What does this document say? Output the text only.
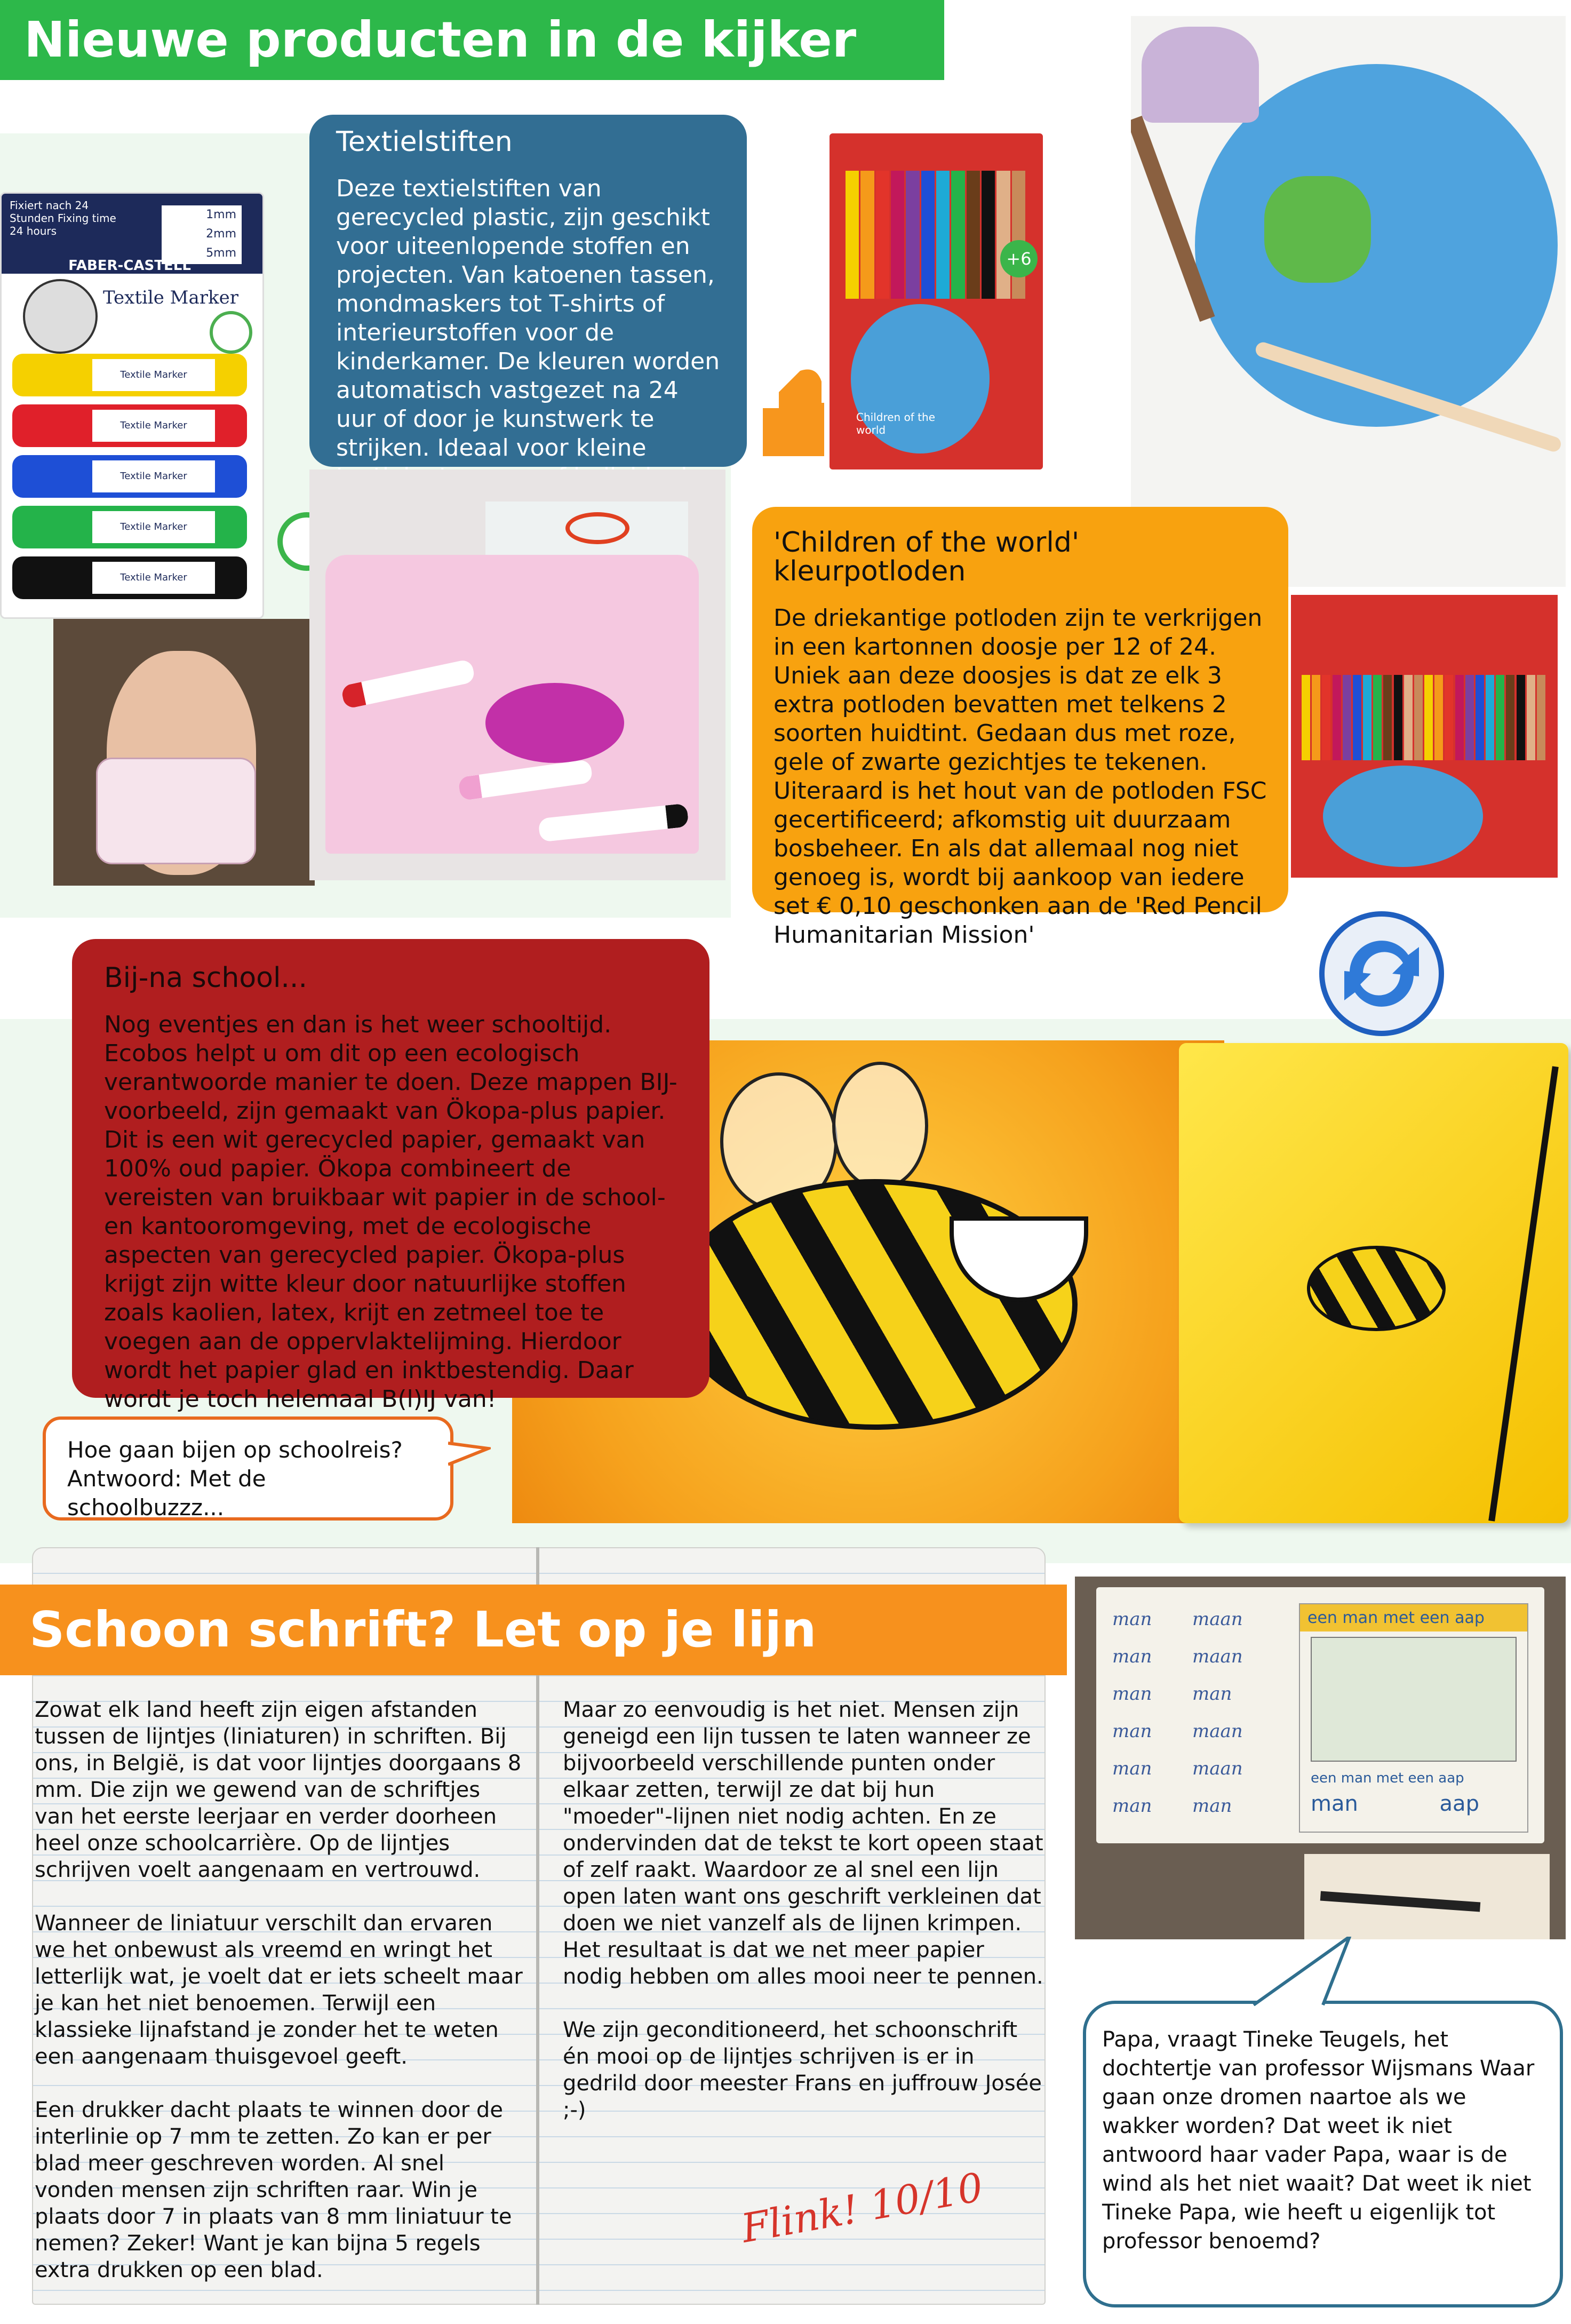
Nieuwe producten in de kijker
Fixiert nach 24 Stunden Fixing time 24 hours
1mm
2mm
5mm
FABER-CASTELL
Textile Marker
Textile Marker
Textile Marker
Textile Marker
Textile Marker
Textile Marker
Textielstiften
Deze textielstiften van gerecycled plastic, zijn geschikt voor uiteenlopende stoffen en projecten. Van katoenen tassen, mondmaskers tot T-shirts of interieurstoffen voor de kinderkamer. De kleuren worden automatisch vastgezet na 24 uur of door je kunstwerk te strijken. Ideaal voor kleine
+6
Children of the world
'Children of the world' kleurpotloden
De driekantige potloden zijn te verkrijgen in een kartonnen doosje per 12 of 24. Uniek aan deze doosjes is dat ze elk 3 extra potloden bevatten met telkens 2 soorten huidtint. Gedaan dus met roze, gele of zwarte gezichtjes te tekenen. Uiteraard is het hout van de potloden FSC gecertificeerd; afkomstig uit duurzaam bosbeheer. En als dat allemaal nog niet genoeg is, wordt bij aankoop van iedere set € 0,10 geschonken aan de 'Red Pencil Humanitarian Mission'
Bij-na school...
Nog eventjes en dan is het weer schooltijd. Ecobos helpt u om dit op een ecologisch verantwoorde manier te doen. Deze mappen BIJ-voorbeeld, zijn gemaakt van Ökopa-plus papier. Dit is een wit gerecycled papier, gemaakt van 100% oud papier. Ökopa combineert de vereisten van bruikbaar wit papier in de school- en kantooromgeving, met de ecologische aspecten van gerecycled papier. Ökopa-plus krijgt zijn witte kleur door natuurlijke stoffen zoals kaolien, latex, krijt en zetmeel toe te voegen aan de oppervlaktelijming. Hierdoor wordt het papier glad en inktbestendig. Daar wordt je toch helemaal B(l)IJ van!
Hoe gaan bijen op schoolreis?
Antwoord: Met de schoolbuzzz...
Schoon schrift? Let op je lijn

Zowat elk land heeft zijn eigen afstanden tussen de lijntjes (liniaturen) in schriften. Bij ons, in België, is dat voor lijntjes doorgaans 8 mm. Die zijn we gewend van de schriftjes van het eerste leerjaar en verder doorheen heel onze schoolcarrière. Op de lijntjes schrijven voelt aangenaam en vertrouwd.

Wanneer de liniatuur verschilt dan ervaren we het onbewust als vreemd en wringt het letterlijk wat, je voelt dat er iets scheelt maar je kan het niet benoemen. Terwijl een klassieke lijnafstand je zonder het te weten een aangenaam thuisgevoel geeft.

Een drukker dacht plaats te winnen door de interlinie op 7 mm te zetten. Zo kan er per blad meer geschreven worden. Al snel vonden mensen zijn schriften raar. Win je plaats door 7 in plaats van 8 mm liniatuur te nemen? Zeker! Want je kan bijna 5 regels extra drukken op een blad.

Maar zo eenvoudig is het niet. Mensen zijn geneigd een lijn tussen te laten wanneer ze bijvoorbeeld verschillende punten onder elkaar zetten, terwijl ze dat bij hun "moeder"-lijnen niet nodig achten. En ze ondervinden dat de tekst te kort opeen staat of zelf raakt. Waardoor ze al snel een lijn open laten want ons geschrift verkleinen dat doen we niet vanzelf als de lijnen krimpen. Het resultaat is dat we net meer papier nodig hebben om alles mooi neer te pennen.

We zijn geconditioneerd, het schoonschrift én mooi op de lijntjes schrijven is er in gedrild door meester Frans en juffrouw Josée ;-)

Flink! 10/10
man maan
man maan
man man
man maan
man maan
man man
een man met een aap
een man met een aap
man	aap
Papa, vraagt Tineke Teugels, het dochtertje van professor Wijsmans Waar gaan onze dromen naartoe als we wakker worden? Dat weet ik niet antwoord haar vader Papa, waar is de wind als het niet waait? Dat weet ik niet Tineke Papa, wie heeft u eigenlijk tot professor benoemd?
